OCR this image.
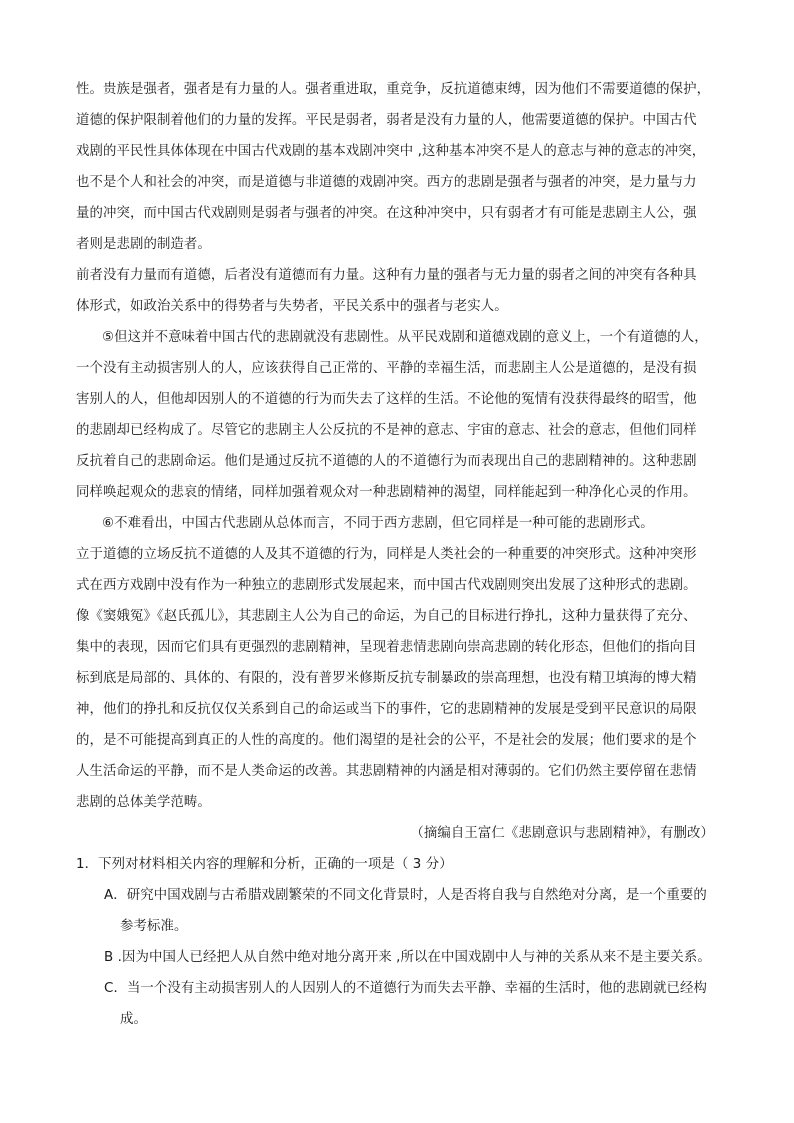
性。贵族是强者，强者是有力量的人。强者重进取，重竞争，反抗道德束缚，因为他们不需要道德的保护，
道德的保护限制着他们的力量的发挥。平民是弱者，弱者是没有力量的人，他需要道德的保护。中国古代
戏剧的平民性具体体现在中国古代戏剧的基本戏剧冲突中 ,这种基本冲突不是人的意志与神的意志的冲突，
也不是个人和社会的冲突，而是道德与非道德的戏剧冲突。西方的悲剧是强者与强者的冲突，是力量与力
量的冲突，而中国古代戏剧则是弱者与强者的冲突。在这种冲突中，只有弱者才有可能是悲剧主人公，强
者则是悲剧的制造者。
前者没有力量而有道德，后者没有道德而有力量。这种有力量的强者与无力量的弱者之间的冲突有各种具
体形式，如政治关系中的得势者与失势者，平民关系中的强者与老实人。
⑤但这并不意味着中国古代的悲剧就没有悲剧性。从平民戏剧和道德戏剧的意义上，一个有道德的人，
一个没有主动损害别人的人，应该获得自己正常的、平静的幸福生活，而悲剧主人公是道德的，是没有损
害别人的人，但他却因别人的不道德的行为而失去了这样的生活。不论他的冤情有没获得最终的昭雪，他
的悲剧却已经构成了。尽管它的悲剧主人公反抗的不是神的意志、宇宙的意志、社会的意志，但他们同样
反抗着自己的悲剧命运。他们是通过反抗不道德的人的不道德行为而表现出自己的悲剧精神的。这种悲剧
同样唤起观众的悲哀的情绪，同样加强着观众对一种悲剧精神的渴望，同样能起到一种净化心灵的作用。
⑥不难看出，中国古代悲剧从总体而言，不同于西方悲剧，但它同样是一种可能的悲剧形式。
立于道德的立场反抗不道德的人及其不道德的行为，同样是人类社会的一种重要的冲突形式。这种冲突形
式在西方戏剧中没有作为一种独立的悲剧形式发展起来，而中国古代戏剧则突出发展了这种形式的悲剧。
像《窦娥冤》《赵氏孤儿》，其悲剧主人公为自己的命运，为自己的目标进行挣扎，这种力量获得了充分、
集中的表现，因而它们具有更强烈的悲剧精神，呈现着悲情悲剧向崇高悲剧的转化形态，但他们的指向目
标到底是局部的、具体的、有限的，没有普罗米修斯反抗专制暴政的崇高理想，也没有精卫填海的博大精
神，他们的挣扎和反抗仅仅关系到自己的命运或当下的事件，它的悲剧精神的发展是受到平民意识的局限
的，是不可能提高到真正的人性的高度的。他们渴望的是社会的公平，不是社会的发展；他们要求的是个
人生活命运的平静，而不是人类命运的改善。其悲剧精神的内涵是相对薄弱的。它们仍然主要停留在悲情
悲剧的总体美学范畴。
（摘编自王富仁《悲剧意识与悲剧精神》，有删改）
1．下列对材料相关内容的理解和分析，正确的一项是（ 3 分）
A．研究中国戏剧与古希腊戏剧繁荣的不同文化背景时，人是否将自我与自然绝对分离，是一个重要的
参考标准。
B .因为中国人已经把人从自然中绝对地分离开来 ,所以在中国戏剧中人与神的关系从来不是主要关系。
C．当一个没有主动损害别人的人因别人的不道德行为而失去平静、幸福的生活时，他的悲剧就已经构
成。
